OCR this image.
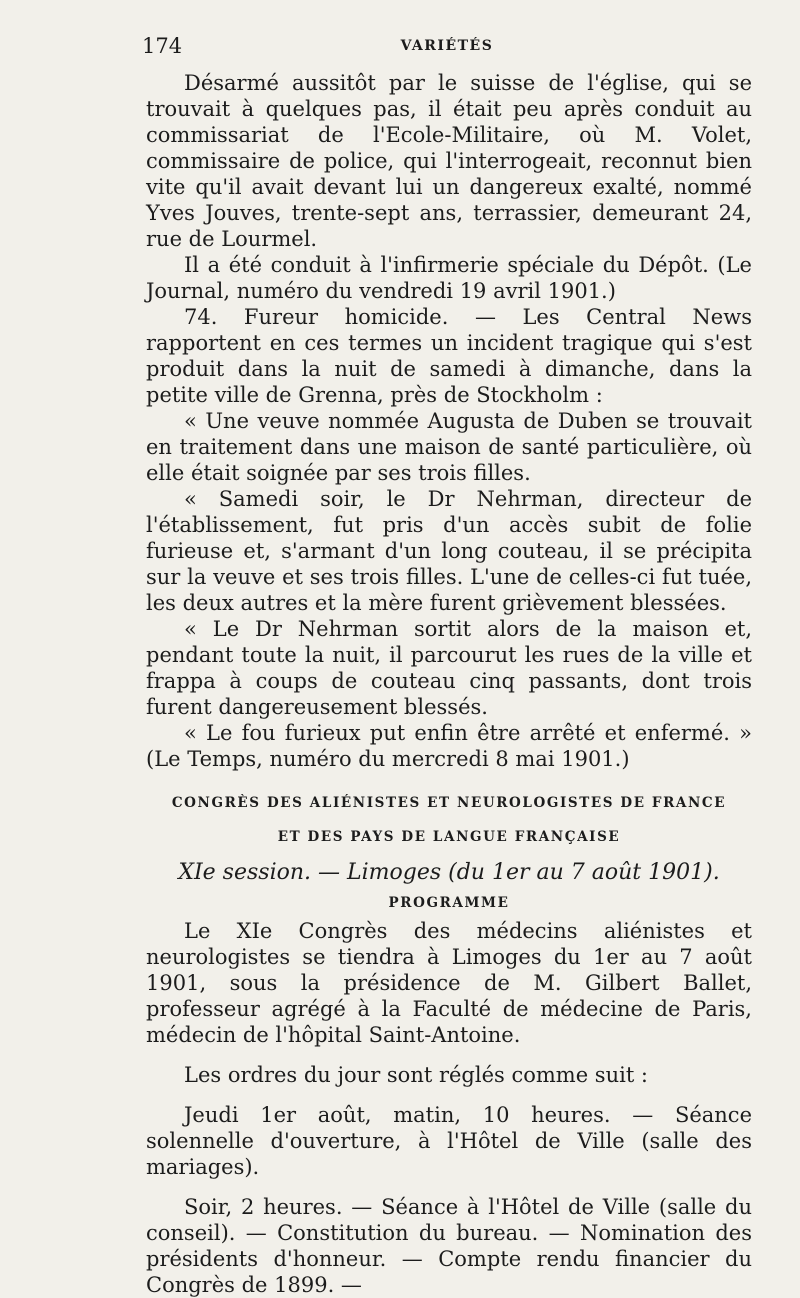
174	VARIÉTÉS

Désarmé aussitôt par le suisse de l'église, qui se trouvait à quelques pas, il était peu après conduit au commissariat de l'Ecole-Militaire, où M. Volet, commissaire de police, qui l'interrogeait, reconnut bien vite qu'il avait devant lui un dangereux exalté, nommé Yves Jouves, trente-sept ans, terrassier, demeurant 24, rue de Lourmel.

Il a été conduit à l'infirmerie spéciale du Dépôt. (Le Journal, numéro du vendredi 19 avril 1901.)

74. Fureur homicide. — Les Central News rapportent en ces termes un incident tragique qui s'est produit dans la nuit de samedi à dimanche, dans la petite ville de Grenna, près de Stockholm :

« Une veuve nommée Augusta de Duben se trouvait en traitement dans une maison de santé particulière, où elle était soignée par ses trois filles.

« Samedi soir, le Dr Nehrman, directeur de l'établissement, fut pris d'un accès subit de folie furieuse et, s'armant d'un long couteau, il se précipita sur la veuve et ses trois filles. L'une de celles-ci fut tuée, les deux autres et la mère furent grièvement blessées.

« Le Dr Nehrman sortit alors de la maison et, pendant toute la nuit, il parcourut les rues de la ville et frappa à coups de couteau cinq passants, dont trois furent dangereusement blessés.

« Le fou furieux put enfin être arrêté et enfermé. » (Le Temps, numéro du mercredi 8 mai 1901.)

CONGRÈS DES ALIÉNISTES ET NEUROLOGISTES DE FRANCE

ET DES PAYS DE LANGUE FRANÇAISE

XIe session. — Limoges (du 1er au 7 août 1901).

PROGRAMME

Le XIe Congrès des médecins aliénistes et neurologistes se tiendra à Limoges du 1er au 7 août 1901, sous la présidence de M. Gilbert Ballet, professeur agrégé à la Faculté de médecine de Paris, médecin de l'hôpital Saint-Antoine.

Les ordres du jour sont réglés comme suit :

Jeudi 1er août, matin, 10 heures. — Séance solennelle d'ouverture, à l'Hôtel de Ville (salle des mariages).

Soir, 2 heures. — Séance à l'Hôtel de Ville (salle du conseil). — Constitution du bureau. — Nomination des présidents d'honneur. — Compte rendu financier du Congrès de 1899. —
